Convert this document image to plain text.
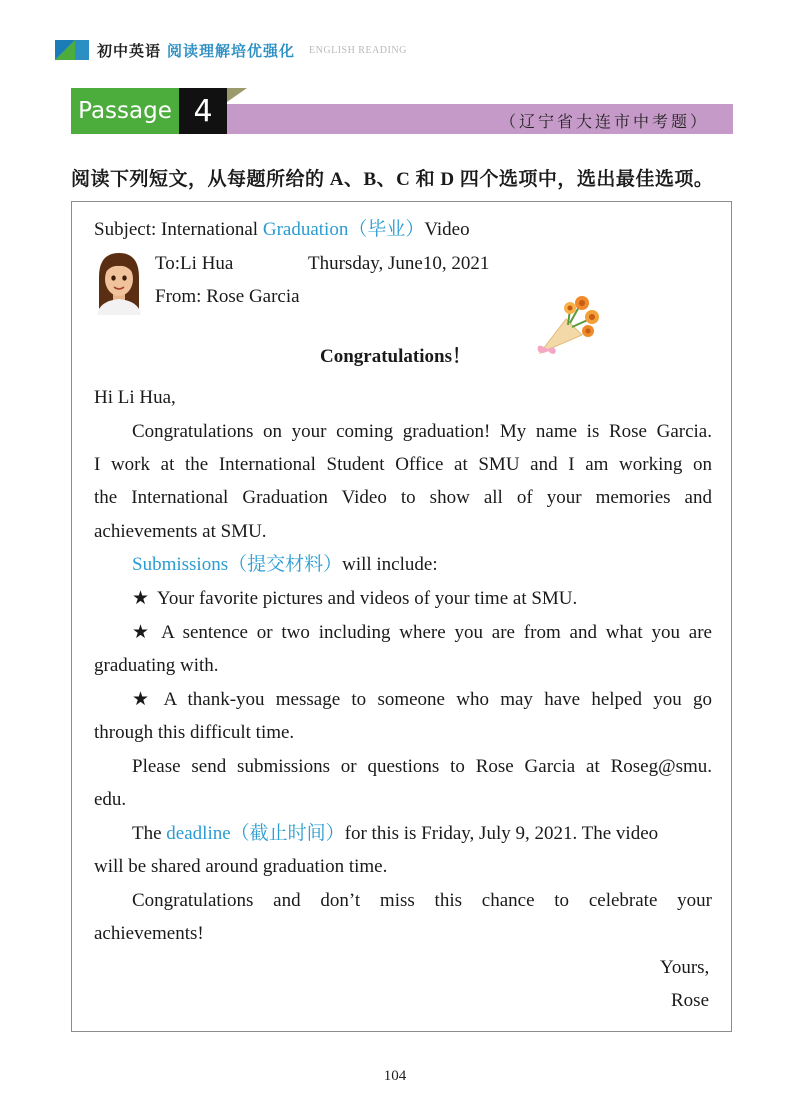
初中英语 阅读理解培优强化 ENGLISH READING
Passage 4	（辽宁省大连市中考题）
阅读下列短文，从每题所给的 A、B、C 和 D 四个选项中，选出最佳选项。
Subject: International Graduation（毕业）Video
To:Li Hua	Thursday, June10, 2021
From: Rose Garcia
Congratulations！
Hi Li Hua,
Congratulations on your coming graduation! My name is Rose Garcia.
I work at the International Student Office at SMU and I am working on
the International Graduation Video to show all of your memories and
achievements at SMU.
Submissions（提交材料）will include:
★ Your favorite pictures and videos of your time at SMU.
★ A sentence or two including where you are from and what you are
graduating with.
★ A thank-you message to someone who may have helped you go
through this difficult time.
Please send submissions or questions to Rose Garcia at Roseg@smu.
edu.
The deadline（截止时间）for this is Friday, July 9, 2021. The video
will be shared around graduation time.
Congratulations and don’t miss this chance to celebrate your
achievements!
Yours,
Rose
104
